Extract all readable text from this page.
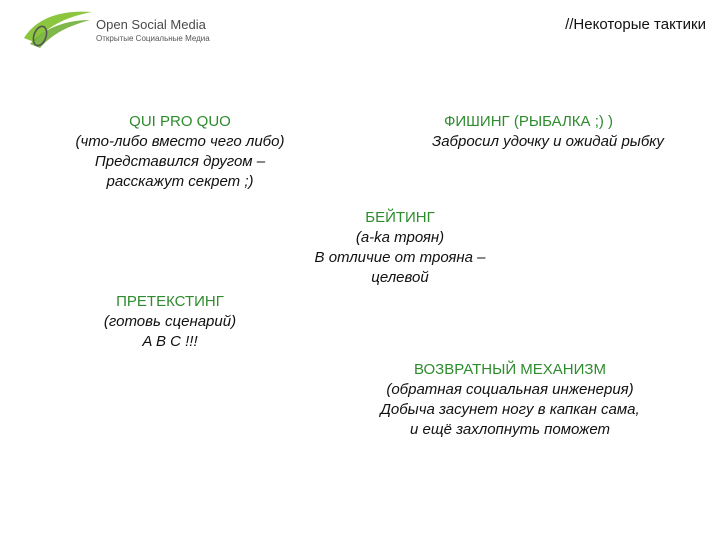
Open Social Media
Открытые Социальные Медиа
//Некоторые тактики
QUI PRO QUO
(что-либо вместо чего либо)
Представился другом –
расскажут секрет ;)
ФИШИНГ (РЫБАЛКА ;) )
Забросил удочку и ожидай рыбку
БЕЙТИНГ
(а-ka троян)
В отличие от трояна –
целевой
ПРЕТЕКСТИНГ
(готовь сценарий)
A B C !!!
ВОЗВРАТНЫЙ МЕХАНИЗМ
(обратная социальная инженерия)
Добыча засунет ногу в капкан сама,
и ещё захлопнуть поможет
